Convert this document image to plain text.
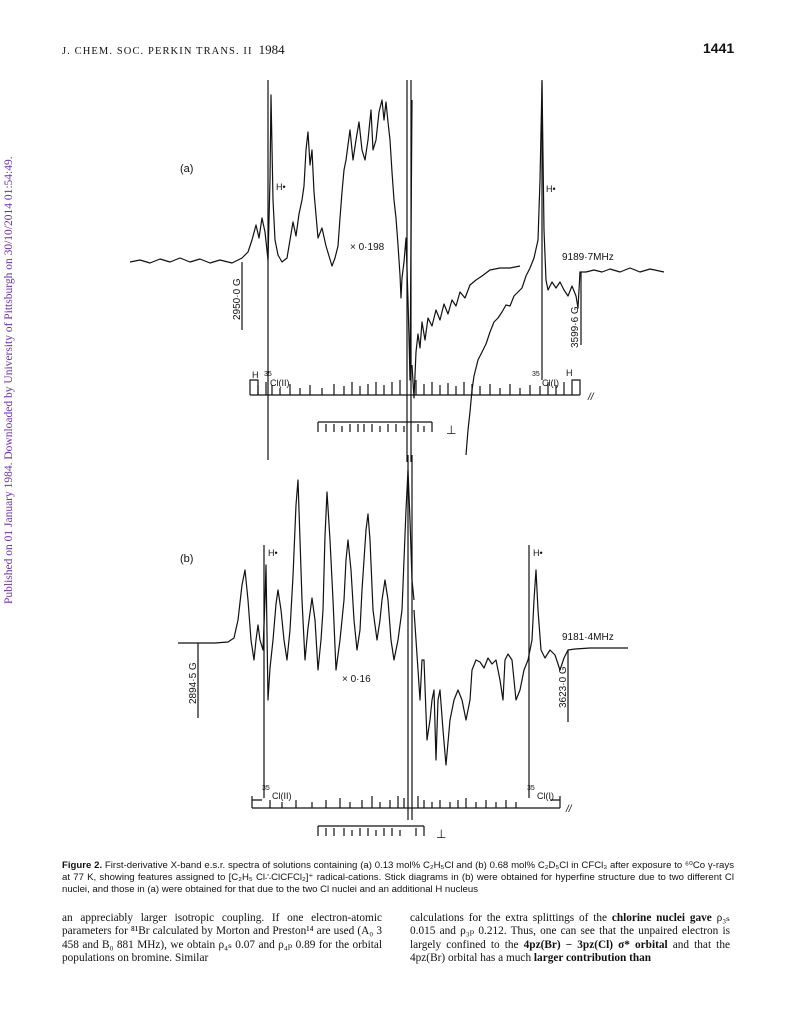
J. CHEM. SOC. PERKIN TRANS. II 1984	1441
Published on 01 January 1984. Downloaded by University of Pittsburgh on 30/10/2014 01:54:49.	(a)
H•	H•
× 0·198
9189·7MHz
2950·0 G
3599·6 G
H 35
Cl(II)
35
Cl(I)
H
⊥
//
(b)	H•	H•
× 0·16
9181·4MHz
2894·5 G	3623·0 G
35
Cl(II)
35
Cl(I)
⊥
//
Figure 2. First-derivative X-band e.s.r. spectra of solutions containing (a) 0.13 mol% C₂H₅Cl and (b) 0.68 mol% C₂D₅Cl in CFCl₃ after exposure to ⁶⁰Co γ-rays at 77 K, showing features assigned to [C₂H₅ Cl∴ClCFCl₂]⁺ radical-cations. Stick diagrams in (b) were obtained for hyperfine structure due to two different Cl nuclei, and those in (a) were obtained for that due to the two Cl nuclei and an additional H nucleus
an appreciably larger isotropic coupling. If one electron-atomic parameters for ⁸¹Br calculated by Morton and Preston¹⁴ are used (A₀ 3 458 and B₀ 881 MHz), we obtain ρ₄ₛ 0.07 and ρ₄ₚ 0.89 for the orbital populations on bromine. Similar
calculations for the extra splittings of the chlorine nuclei gave ρ₃ₛ 0.015 and ρ₃ₚ 0.212. Thus, one can see that the unpaired electron is largely confined to the 4pz(Br) − 3pz(Cl) σ* orbital and that the 4pz(Br) orbital has a much larger contribution than
